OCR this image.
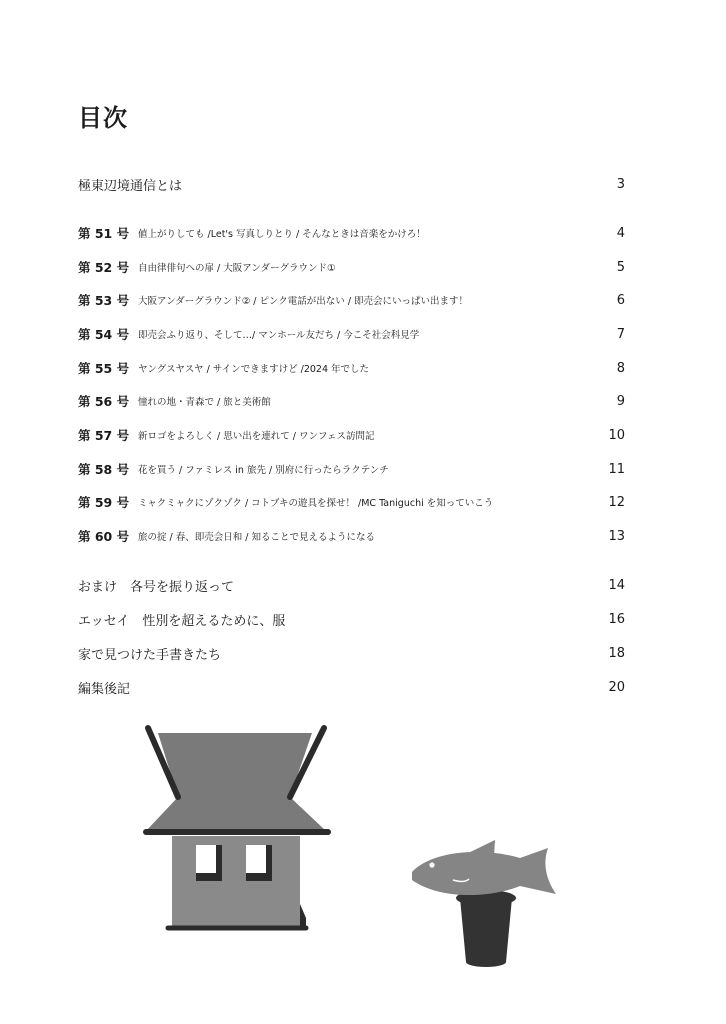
目次
極東辺境通信とは	3
第 51 号 値上がりしても /Let's 写真しりとり / そんなときは音楽をかけろ！	4
第 52 号 自由律俳句への扉 / 大阪アンダーグラウンド①	5
第 53 号 大阪アンダーグラウンド② / ピンク電話が出ない / 即売会にいっぱい出ます！	6
第 54 号 即売会ふり返り、そして…/ マンホール友だち / 今こそ社会科見学	7
第 55 号 ヤングスヤスヤ / サインできますけど /2024 年でした	8
第 56 号 憧れの地・青森で / 旅と美術館	9
第 57 号 新ロゴをよろしく / 思い出を連れて / ワンフェス訪問記	10
第 58 号 花を買う / ファミレス in 旅先 / 別府に行ったらラクテンチ	11
第 59 号 ミャクミャクにゾクゾク / コトブキの遊具を探せ！ /MC Taniguchi を知っていこう	12
第 60 号 旅の掟 / 春、即売会日和 / 知ることで見えるようになる	13
おまけ　各号を振り返って	14
エッセイ　性別を超えるために、服	16
家で見つけた手書きたち	18
編集後記	20
